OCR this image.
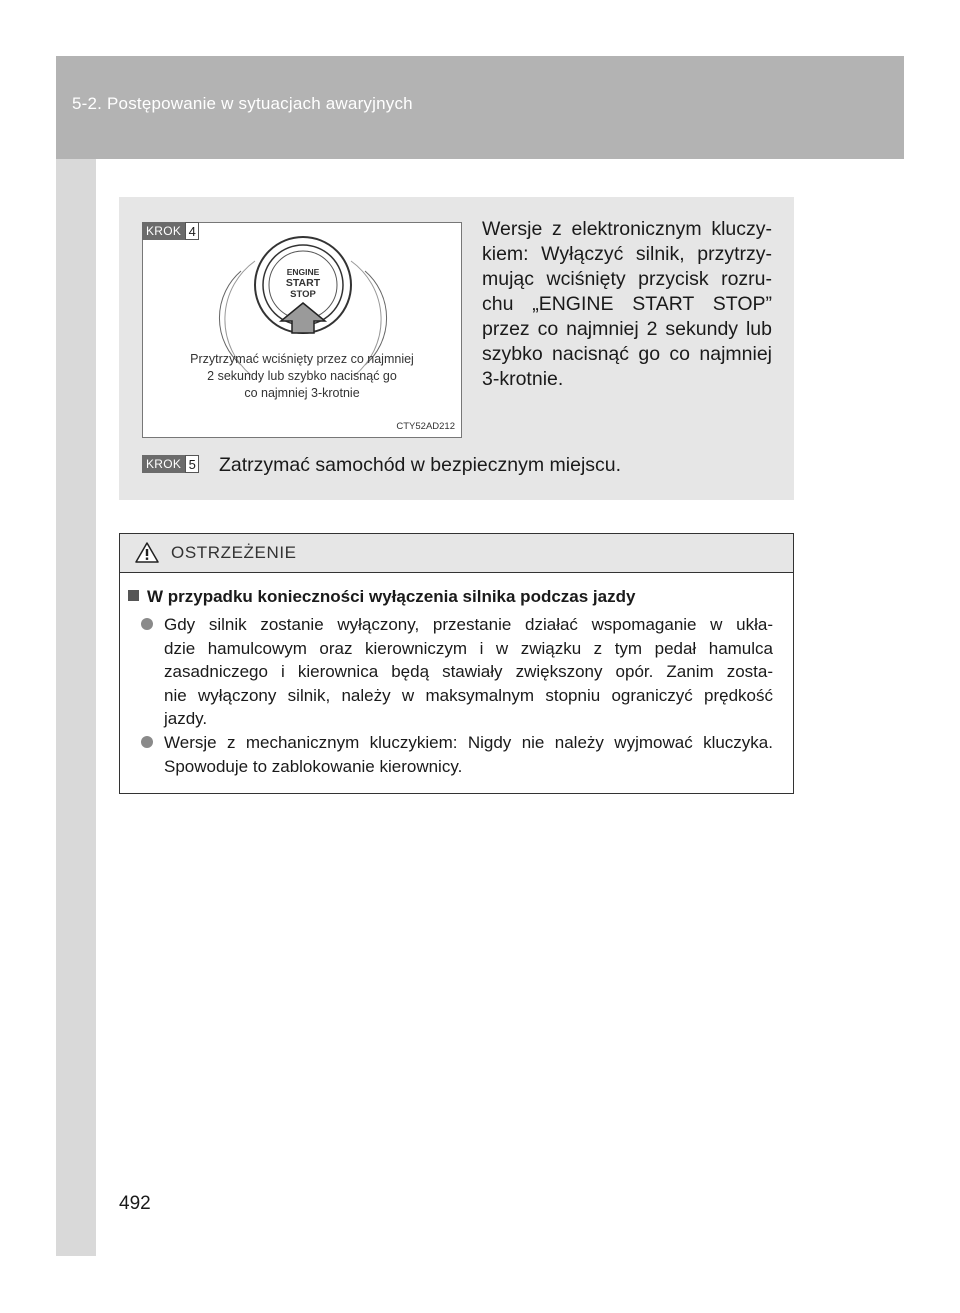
5-2. Postępowanie w sytuacjach awaryjnych
ENGINE
START
STOP
KROK 4
Przytrzymać wciśnięty przez co najmniej
2 sekundy lub szybko nacisnąć go
co najmniej 3-krotnie
CTY52AD212
Wersje z elektronicznym kluczy-
kiem: Wyłączyć silnik, przytrzy-
mując wciśnięty przycisk rozru-
chu „ENGINE START STOP”
przez co najmniej 2 sekundy lub
szybko nacisnąć go co najmniej
3-krotnie.
KROK 5 Zatrzymać samochód w bezpiecznym miejscu.
OSTRZEŻENIE
W przypadku konieczności wyłączenia silnika podczas jazdy
Gdy silnik zostanie wyłączony, przestanie działać wspomaganie w ukła-
dzie hamulcowym oraz kierowniczym i w związku z tym pedał hamulca
zasadniczego i kierownica będą stawiały zwiększony opór. Zanim zosta-
nie wyłączony silnik, należy w maksymalnym stopniu ograniczyć prędkość
jazdy.
Wersje z mechanicznym kluczykiem: Nigdy nie należy wyjmować kluczyka.
Spowoduje to zablokowanie kierownicy.
492
